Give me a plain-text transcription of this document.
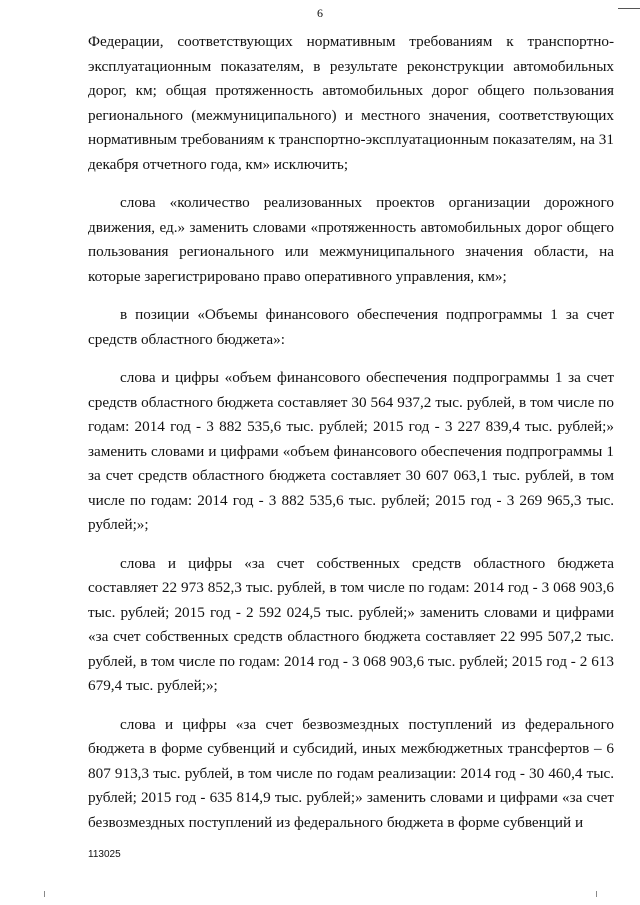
6

Федерации, соответствующих нормативным требованиям к транспортно-эксплуатационным показателям, в результате реконструкции автомобильных дорог, км; общая протяженность автомобильных дорог общего пользования регионального (межмуниципального) и местного значения, соответствующих нормативным требованиям к транспортно-эксплуатационным показателям, на 31 декабря отчетного года, км» исключить;

слова «количество реализованных проектов организации дорожного движения, ед.» заменить словами «протяженность автомобильных дорог общего пользования регионального или межмуниципального значения области, на которые зарегистрировано право оперативного управления, км»;

в позиции «Объемы финансового обеспечения подпрограммы 1 за счет средств областного бюджета»:

слова и цифры «объем финансового обеспечения подпрограммы 1 за счет средств областного бюджета составляет 30 564 937,2 тыс. рублей, в том числе по годам: 2014 год - 3 882 535,6 тыс. рублей; 2015 год - 3 227 839,4 тыс. рублей;» заменить словами и цифрами «объем финансового обеспечения подпрограммы 1 за счет средств областного бюджета составляет 30 607 063,1 тыс. рублей, в том числе по годам: 2014 год - 3 882 535,6 тыс. рублей; 2015 год - 3 269 965,3 тыс. рублей;»;

слова и цифры «за счет собственных средств областного бюджета составляет 22 973 852,3 тыс. рублей, в том числе по годам: 2014 год - 3 068 903,6 тыс. рублей; 2015 год - 2 592 024,5 тыс. рублей;» заменить словами и цифрами «за счет собственных средств областного бюджета составляет 22 995 507,2 тыс. рублей, в том числе по годам: 2014 год - 3 068 903,6 тыс. рублей; 2015 год - 2 613 679,4 тыс. рублей;»;

слова и цифры «за счет безвозмездных поступлений из федерального бюджета в форме субвенций и субсидий, иных межбюджетных трансфертов – 6 807 913,3 тыс. рублей, в том числе по годам реализации: 2014 год - 30 460,4 тыс. рублей; 2015 год - 635 814,9 тыс. рублей;» заменить словами и цифрами «за счет безвозмездных поступлений из федерального бюджета в форме субвенций и

113025
